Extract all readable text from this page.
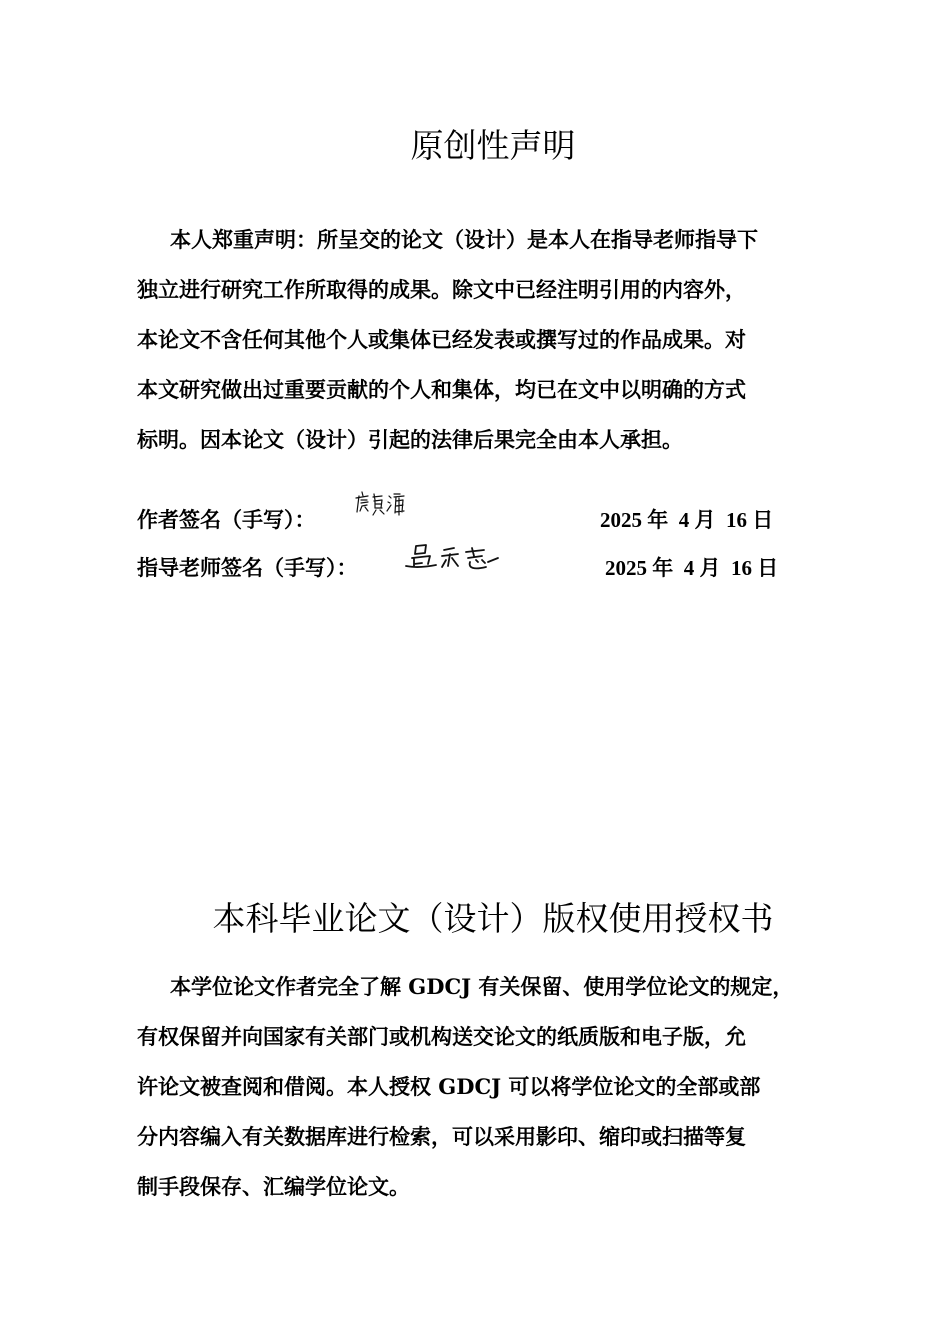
原创性声明
本人郑重声明：所呈交的论文（设计）是本人在指导老师指导下
独立进行研究工作所取得的成果。除文中已经注明引用的内容外，
本论文不含任何其他个人或集体已经发表或撰写过的作品成果。对
本文研究做出过重要贡献的个人和集体，均已在文中以明确的方式
标明。因本论文（设计）引起的法律后果完全由本人承担。
作者签名（手写）：	2025 年 4 月 16 日
指导老师签名（手写）：	2025 年 4 月 16 日
本科毕业论文（设计）版权使用授权书
本学位论文作者完全了解 GDCJ 有关保留、使用学位论文的规定，
有权保留并向国家有关部门或机构送交论文的纸质版和电子版，允
许论文被查阅和借阅。本人授权 GDCJ 可以将学位论文的全部或部
分内容编入有关数据库进行检索，可以采用影印、缩印或扫描等复
制手段保存、汇编学位论文。
